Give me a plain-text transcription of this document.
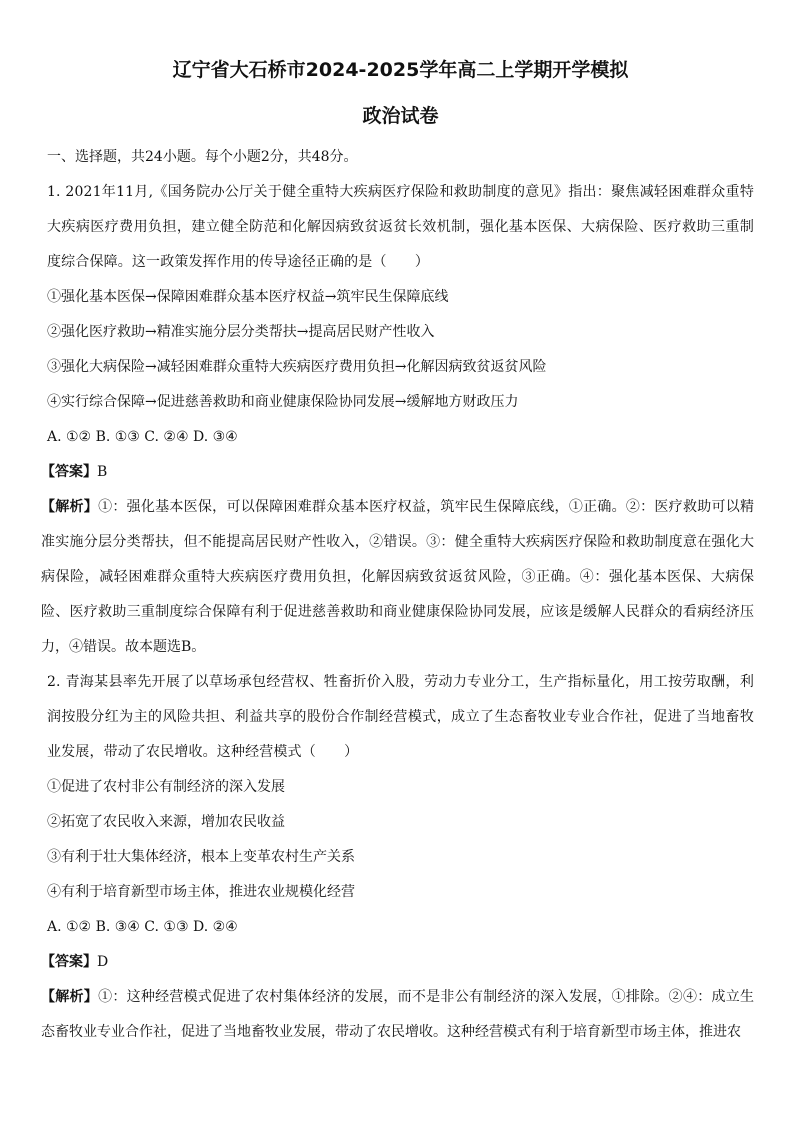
辽宁省大石桥市2024-2025学年高二上学期开学模拟
政治试卷

一、选择题，共24小题。每个小题2分，共48分。

1. 2021年11月,《国务院办公厅关于健全重特大疾病医疗保险和救助制度的意见》指出：聚焦减轻困难群众重特大疾病医疗费用负担，建立健全防范和化解因病致贫返贫长效机制，强化基本医保、大病保险、医疗救助三重制度综合保障。这一政策发挥作用的传导途径正确的是（　　）

①强化基本医保→保障困难群众基本医疗权益→筑牢民生保障底线

②强化医疗救助→精准实施分层分类帮扶→提高居民财产性收入

③强化大病保险→减轻困难群众重特大疾病医疗费用负担→化解因病致贫返贫风险

④实行综合保障→促进慈善救助和商业健康保险协同发展→缓解地方财政压力

A. ①② B. ①③ C. ②④ D. ③④

【答案】B

【解析】①：强化基本医保，可以保障困难群众基本医疗权益，筑牢民生保障底线，①正确。②：医疗救助可以精准实施分层分类帮扶，但不能提高居民财产性收入，②错误。③：健全重特大疾病医疗保险和救助制度意在强化大病保险，减轻困难群众重特大疾病医疗费用负担，化解因病致贫返贫风险，③正确。④：强化基本医保、大病保险、医疗救助三重制度综合保障有利于促进慈善救助和商业健康保险协同发展，应该是缓解人民群众的看病经济压力，④错误。故本题选B。

2. 青海某县率先开展了以草场承包经营权、牲畜折价入股，劳动力专业分工，生产指标量化，用工按劳取酬，利润按股分红为主的风险共担、利益共享的股份合作制经营模式，成立了生态畜牧业专业合作社，促进了当地畜牧业发展，带动了农民增收。这种经营模式（　　）

①促进了农村非公有制经济的深入发展

②拓宽了农民收入来源，增加农民收益

③有利于壮大集体经济，根本上变革农村生产关系

④有利于培育新型市场主体，推进农业规模化经营

A. ①② B. ③④ C. ①③ D. ②④

【答案】D

【解析】①：这种经营模式促进了农村集体经济的发展，而不是非公有制经济的深入发展，①排除。②④：成立生态畜牧业专业合作社，促进了当地畜牧业发展，带动了农民增收。这种经营模式有利于培育新型市场主体，推进农
